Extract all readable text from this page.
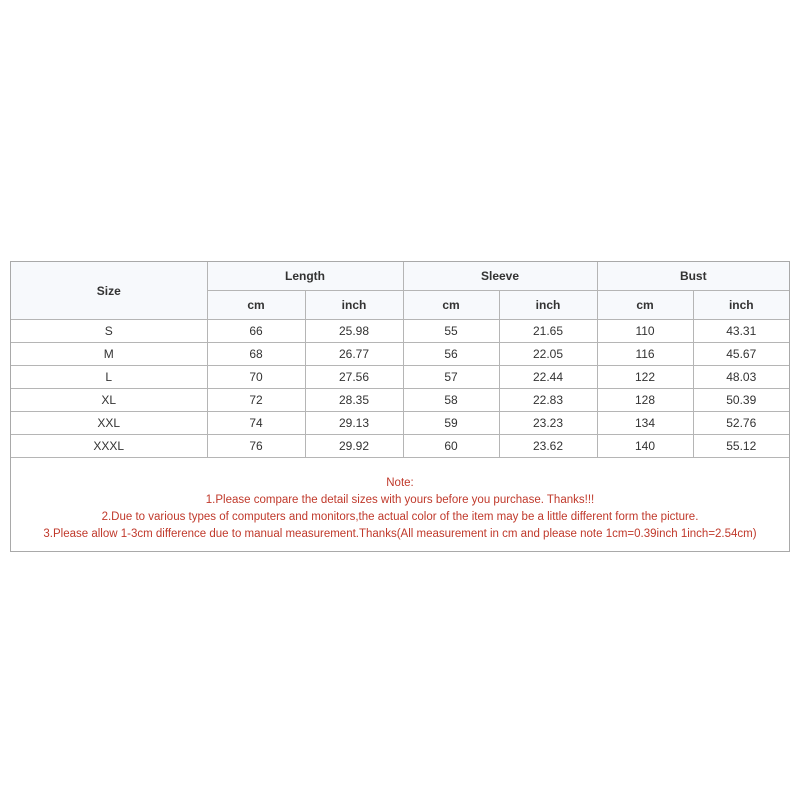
Size	Length		Sleeve		Bust	
	cm	inch	cm	inch	cm	inch
S	66	25.98	55	21.65	110	43.31
M	68	26.77	56	22.05	116	45.67
L	70	27.56	57	22.44	122	48.03
XL	72	28.35	58	22.83	128	50.39
XXL	74	29.13	59	23.23	134	52.76
XXXL	76	29.92	60	23.62	140	55.12
Note:
1.Please compare the detail sizes with yours before you purchase. Thanks!!!
2.Due to various types of computers and monitors,the actual color of the item may be a little different form the picture.
3.Please allow 1-3cm difference due to manual measurement.Thanks(All measurement in cm and please note 1cm=0.39inch 1inch=2.54cm)
